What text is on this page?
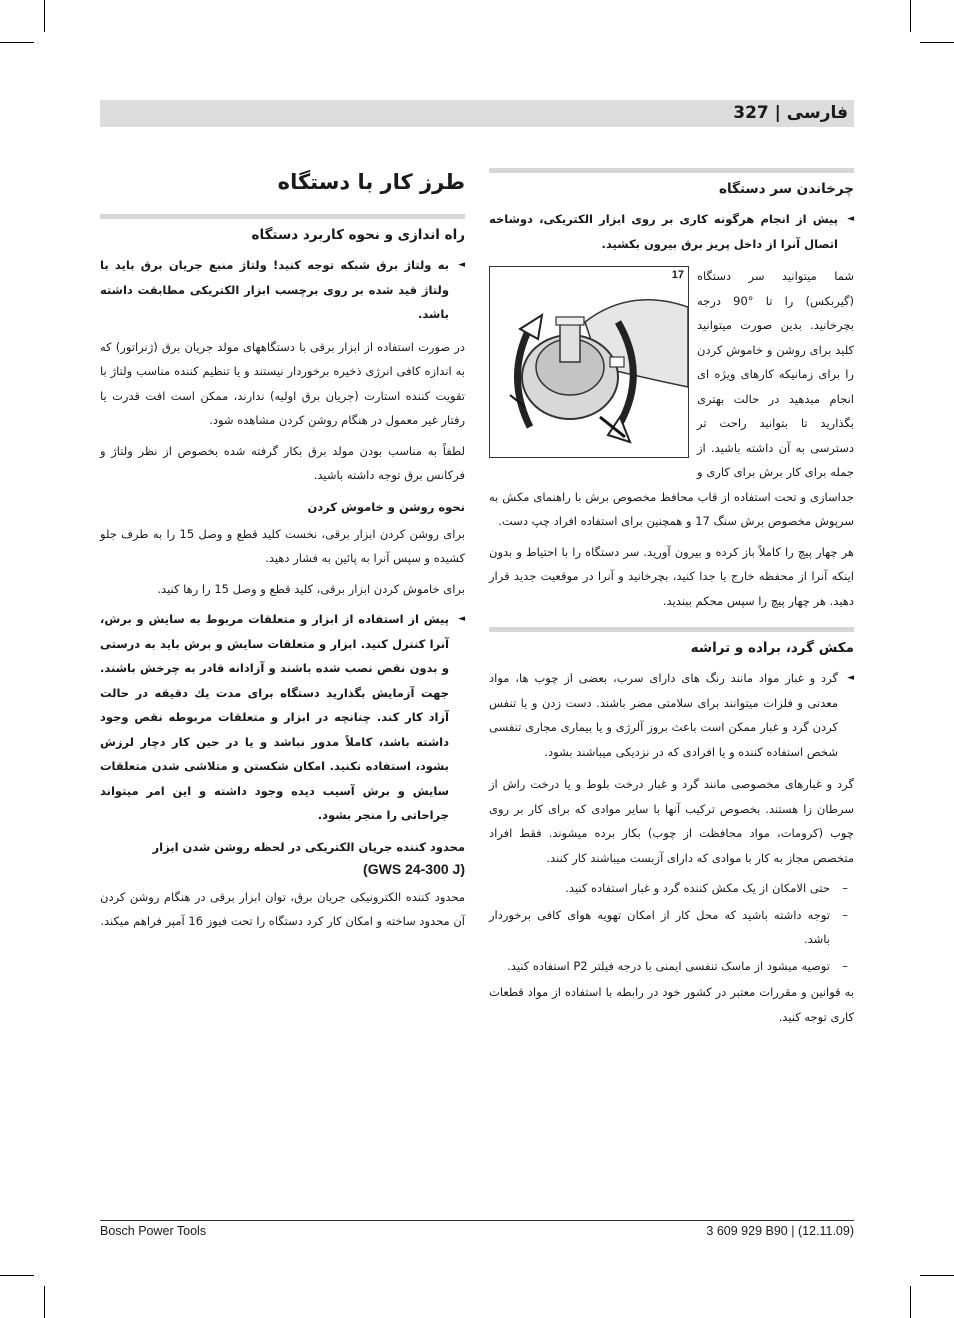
فارسی | 327
طرز کار با دستگاه
راه اندازی و نحوه کاربرد دستگاه
◄ به ولتاژ برق شبکه توجه کنید! ولتاژ منبع جریان برق باید با ولتاژ قید شده بر روی برچسب ابزار الکتریکی مطابقت داشته باشد.
در صورت استفاده از ابزار برقی با دستگاههای مولد جریان برق (ژنراتور) که به اندازه کافی انرژی ذخیره برخوردار نیستند و یا تنظیم کننده مناسب ولتاژ با تقویت کننده استارت (جریان برق اولیه) ندارند، ممکن است افت قدرت یا رفتار غیر معمول در هنگام روشن کردن مشاهده شود.
لطفاً به مناسب بودن مولد برق بکار گرفته شده بخصوص از نظر ولتاژ و فرکانس برق توجه داشته باشید.
نحوه روشن و خاموش کردن
برای روشن کردن ابزار برقی، نخست کلید قطع و وصل 15 را به طرف جلو کشیده و سپس آنرا به پائین به فشار دهید.
برای خاموش کردن ابزار برقی، کلید قطع و وصل 15 را رها کنید.
◄ پیش از استفاده از ابزار و متعلقات مربوط به سایش و برش، آنرا کنترل کنید. ابزار و متعلقات سایش و برش باید به درستی و بدون نقص نصب شده باشند و آزادانه قادر به چرخش باشند. جهت آزمایش بگذارید دستگاه برای مدت يك دقيقه در حالت آزاد کار کند. چنانچه در ابزار و متعلقات مربوطه نقص وجود داشته باشد، کاملاً مدور نباشد و یا در حین کار دچار لرزش بشود، استفاده نکنید. امکان شکستن و متلاشی شدن متعلقات سایش و برش آسیب دیده وجود داشته و این امر میتواند جراحاتی را منجر بشود.
محدود کننده جریان الکتریکی در لحظه روشن شدن ابزار
(GWS 24-300 J)
محدود کننده الکترونیکی جریان برق، توان ابزار برقی در هنگام روشن کردن آن محدود ساخته و امکان کار کرد دستگاه را تحت فیوز 16 آمپر فراهم میکند.
چرخاندن سر دستگاه
◄ پیش از انجام هرگونه کاری بر روی ابزار الکتریکی، دوشاخه اتصال آنرا از داخل پریز برق بیرون بکشید.
17	شما میتوانید سر دستگاه (گیربکس) را تا °90 درجه بچرخانید. بدین صورت میتوانید کلید برای روشن و خاموش کردن را برای زمانیکه کارهای ویژه ای انجام میدهید در حالت بهتری بگذارید تا بتوانید راحت تر دسترسی به آن داشته باشید. از جمله برای کار برش برای کاری و جداسازی و تحت استفاده از قاب محافظ مخصوص برش با راهنمای مکش به سرپوش مخصوص برش سنگ 17 و همچنین برای استفاده افراد چپ دست.
هر چهار پیچ را کاملاً باز کرده و بیرون آورید. سر دستگاه را با احتیاط و بدون اینکه آنرا از محفظه خارج یا جدا کنید، بچرخانید و آنرا در موقعیت جدید قرار دهید. هر چهار پیچ را سپس محکم ببندید.
مکش گرد، براده و تراشه
◄ گرد و غبار مواد مانند رنگ های دارای سرب، بعضی از چوب ها، مواد معدنی و فلزات میتوانند برای سلامتی مضر باشند. دست زدن و یا تنفس کردن گرد و غبار ممکن است باعث بروز آلرژی و یا بیماری مجاری تنفسی شخص استفاده کننده و یا افرادی که در نزدیکی میباشند بشود.
گرد و غبارهای مخصوصی مانند گرد و غبار درخت بلوط و یا درخت راش از سرطان زا هستند. بخصوص ترکیب آنها با سایر موادی که برای کار بر روی چوب (کرومات، مواد محافظت از چوب) بکار برده میشوند. فقط افراد متخصص مجاز به کار با موادی که دارای آزبست میباشند کار کنند.
– حتی الامکان از یک مکش کننده گرد و غبار استفاده کنید.
– توجه داشته باشید که محل کار از امکان تهویه هوای کافی برخوردار باشد.
– توصیه میشود از ماسک تنفسی ایمنی با درجه فیلتر P2 استفاده کنید.
به قوانین و مقررات معتبر در کشور خود در رابطه با استفاده از مواد قطعات کاری توجه کنید.
Bosch Power Tools	3 609 929 B90 | (12.11.09)
